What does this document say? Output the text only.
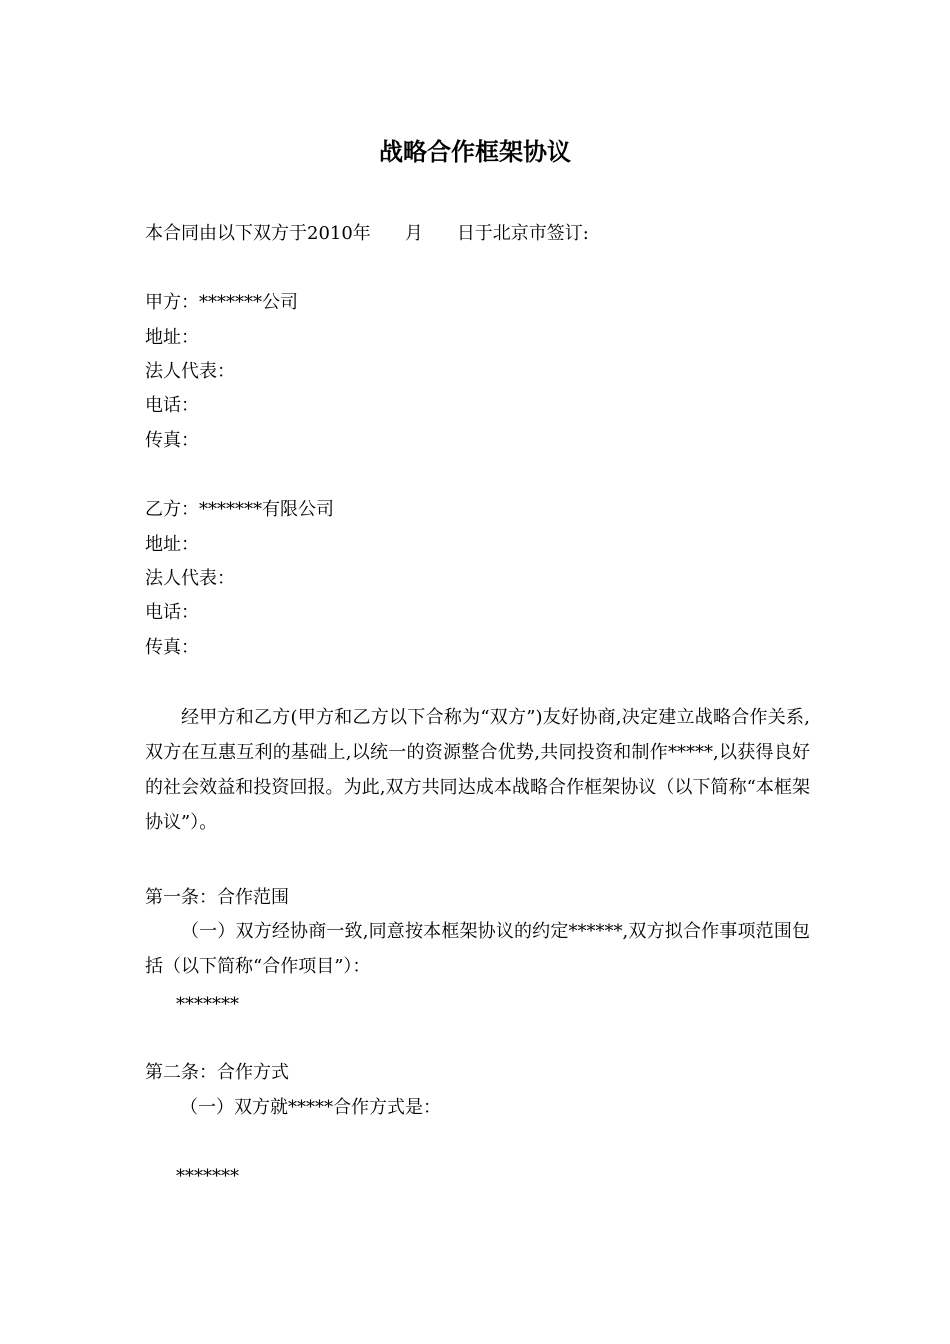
战略合作框架协议
本合同由以下双方于2010年 月 日于北京市签订:
甲方：*******公司
地址：
法人代表：
电话：
传真：
乙方：*******有限公司
地址：
法人代表：
电话：
传真：
经甲方和乙方(甲方和乙方以下合称为“双方”)友好协商,决定建立战略合作关系,双方在互惠互利的基础上,以统一的资源整合优势,共同投资和制作*****,以获得良好的社会效益和投资回报。为此,双方共同达成本战略合作框架协议（以下简称“本框架协议”）。
第一条：合作范围
（一）双方经协商一致,同意按本框架协议的约定******,双方拟合作事项范围包括（以下简称“合作项目”）：
*******
第二条：合作方式
（一）双方就*****合作方式是：
*******
